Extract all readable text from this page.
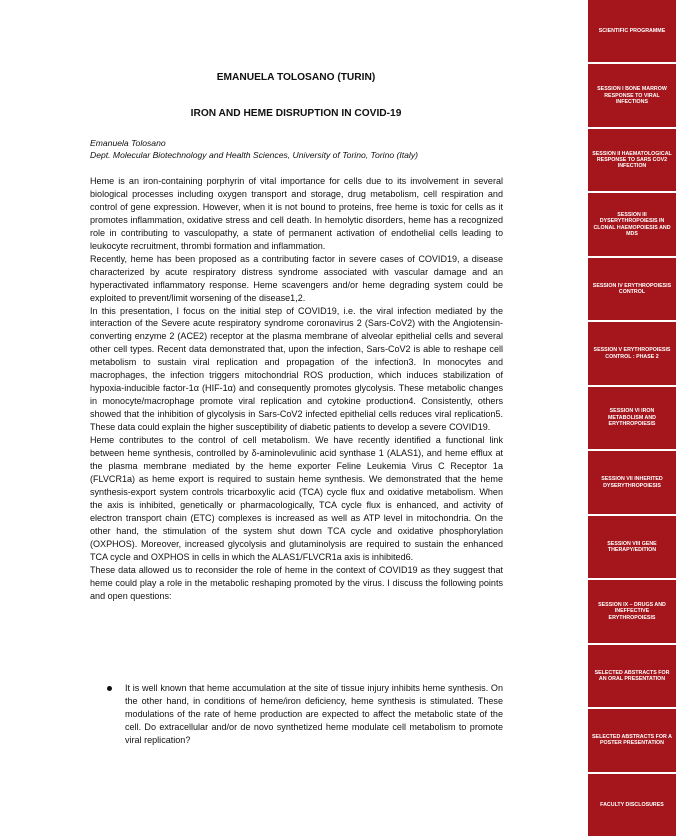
EMANUELA TOLOSANO (TURIN)
IRON AND HEME DISRUPTION IN COVID-19
Emanuela Tolosano
Dept. Molecular Biotechnology and Health Sciences, University of Torino, Torino (Italy)

Heme is an iron-containing porphyrin of vital importance for cells due to its involvement in several biological processes including oxygen transport and storage, drug metabolism, cell respiration and control of gene expression. However, when it is not bound to proteins, free heme is toxic for cells as it promotes inflammation, oxidative stress and cell death. In hemolytic disorders, heme has a recognized role in contributing to vasculopathy, a state of permanent activation of endothelial cells leading to leukocyte recruitment, thrombi formation and inflammation.

Recently, heme has been proposed as a contributing factor in severe cases of COVID19, a disease characterized by acute respiratory distress syndrome associated with vascular damage and an hyperactivated inflammatory response. Heme scavengers and/or heme degrading system could be exploited to prevent/limit worsening of the disease1,2.

In this presentation, I focus on the initial step of COVID19, i.e. the viral infection mediated by the interaction of the Severe acute respiratory syndrome coronavirus 2 (Sars-CoV2) with the Angiotensin-converting enzyme 2 (ACE2) receptor at the plasma membrane of alveolar epithelial cells and several other cell types. Recent data demonstrated that, upon the infection, Sars-CoV2 is able to reshape cell metabolism to sustain viral replication and propagation of the infection3. In monocytes and macrophages, the infection triggers mitochondrial ROS production, which induces stabilization of hypoxia-inducible factor-1α (HIF-1α) and consequently promotes glycolysis. These metabolic changes in monocyte/macrophage promote viral replication and cytokine production4. Consistently, others showed that the inhibition of glycolysis in Sars-CoV2 infected epithelial cells reduces viral replication5. These data could explain the higher susceptibility of diabetic patients to develop a severe COVID19.

Heme contributes to the control of cell metabolism. We have recently identified a functional link between heme synthesis, controlled by δ-aminolevulinic acid synthase 1 (ALAS1), and heme efflux at the plasma membrane mediated by the heme exporter Feline Leukemia Virus C Receptor 1a (FLVCR1a) as heme export is required to sustain heme synthesis. We demonstrated that the heme synthesis-export system controls tricarboxylic acid (TCA) cycle flux and oxidative metabolism. When the axis is inhibited, genetically or pharmacologically, TCA cycle flux is enhanced, and activity of electron transport chain (ETC) complexes is increased as well as ATP level in mitochondria. On the other hand, the stimulation of the system shut down TCA cycle and oxidative phosphorylation (OXPHOS). Moreover, increased glycolysis and glutaminolysis are required to sustain the enhanced TCA cycle and OXPHOS in cells in which the ALAS1/FLVCR1a axis is inhibited6.

These data allowed us to reconsider the role of heme in the context of COVID19 as they suggest that heme could play a role in the metabolic reshaping promoted by the virus. I discuss the following points and open questions:

It is well known that heme accumulation at the site of tissue injury inhibits heme synthesis. On the other hand, in conditions of heme/iron deficiency, heme synthesis is stimulated. These modulations of the rate of heme production are expected to affect the metabolic state of the cell. Do extracellular and/or de novo synthetized heme modulate cell metabolism to promote viral replication?
SCIENTIFIC PROGRAMME
SESSION I BONE MARROW RESPONSE TO VIRAL INFECTIONS
SESSION II HAEMATOLOGICAL RESPONSE TO SARS COV2 INFECTION
SESSION III DYSERYTHROPOIESIS IN CLONAL HAEMOPOIESIS AND MDS
SESSION IV ERYTHROPOIESIS CONTROL
SESSION V ERYTHROPOIESIS CONTROL : PHASE 2
SESSION VI IRON METABOLISM AND ERYTHROPOIESIS
SESSION VII INHERITED DYSERYTHROPOIESIS
SESSION VIII GENE THERAPY/EDITION
SESSION IX – DRUGS AND INEFFECTIVE ERYTHROPOIESIS
SELECTED ABSTRACTS FOR AN ORAL PRESENTATION
SELECTED ABSTRACTS FOR A POSTER PRESENTATION
FACULTY DISCLOSURES
